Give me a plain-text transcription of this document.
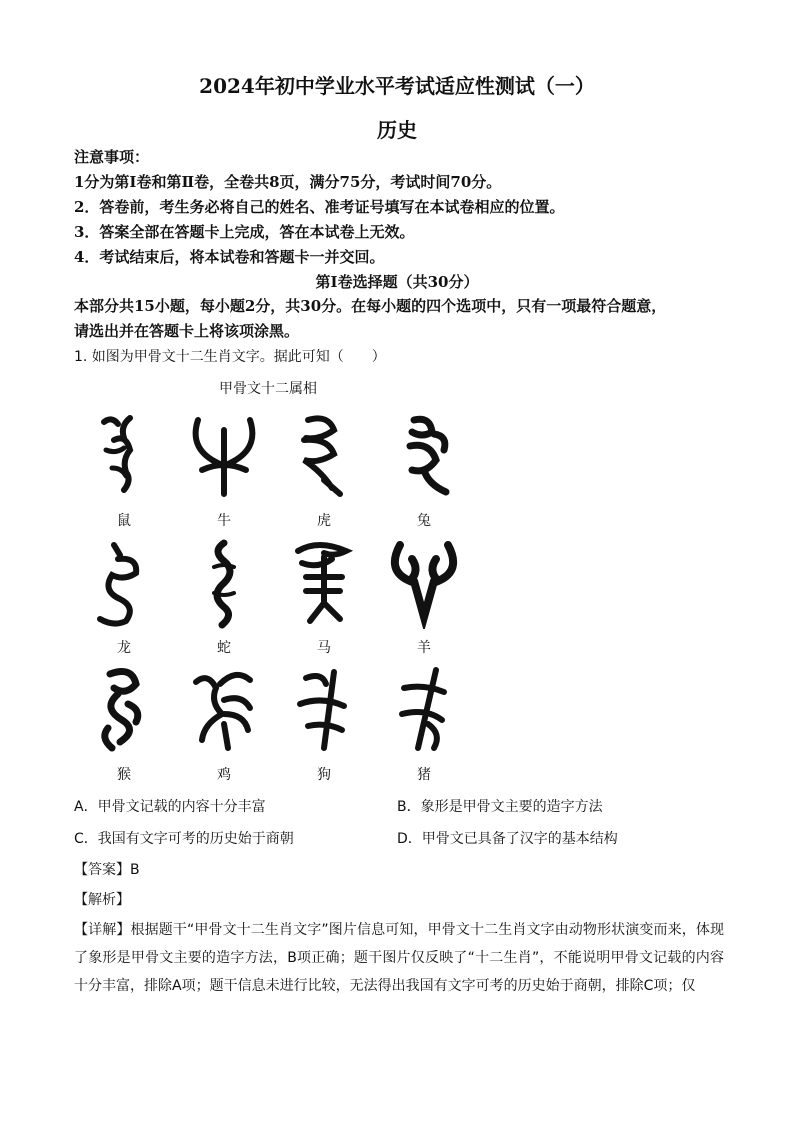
2024年初中学业水平考试适应性测试（一）
历史
注意事项：
1分为第Ⅰ卷和第Ⅱ卷，全卷共8页，满分75分，考试时间70分。
2．答卷前，考生务必将自己的姓名、准考证号填写在本试卷相应的位置。
3．答案全部在答题卡上完成，答在本试卷上无效。
4．考试结束后，将本试卷和答题卡一并交回。
第Ⅰ卷选择题（共30分）
本部分共15小题，每小题2分，共30分。在每小题的四个选项中，只有一项最符合题意，
请选出并在答题卡上将该项涂黑。
1. 如图为甲骨文十二生肖文字。据此可知（　　）
甲骨文十二属相
鼠	牛	虎	兔
龙	蛇	马	羊
猴	鸡	狗	猪
A．甲骨文记载的内容十分丰富	B．象形是甲骨文主要的造字方法
C．我国有文字可考的历史始于商朝	D．甲骨文已具备了汉字的基本结构
【答案】B
【解析】
【详解】根据题干“甲骨文十二生肖文字”图片信息可知，甲骨文十二生肖文字由动物形状演变而来，体现了象形是甲骨文主要的造字方法，B项正确；题干图片仅反映了“十二生肖”，不能说明甲骨文记载的内容十分丰富，排除A项；题干信息未进行比较，无法得出我国有文字可考的历史始于商朝，排除C项；仅
